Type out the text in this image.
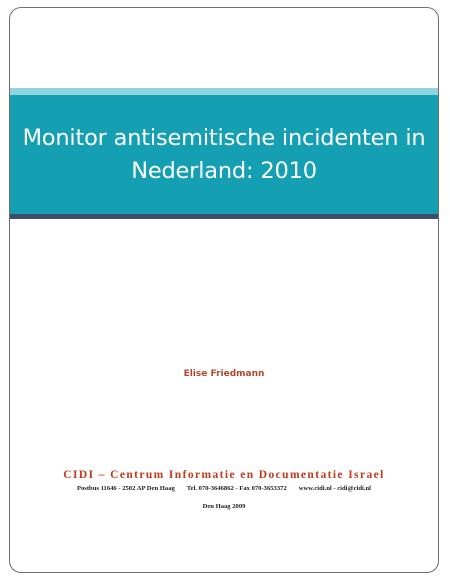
Monitor antisemitische incidenten in
Nederland: 2010
Elise Friedmann
CIDI – Centrum Informatie en Documentatie Israel
Postbus 11646 - 2502 AP Den Haag Tel. 070-3646862 - Fax 070-3653372 www.cidi.nl - cidi@cidi.nl
Den Haag 2009
